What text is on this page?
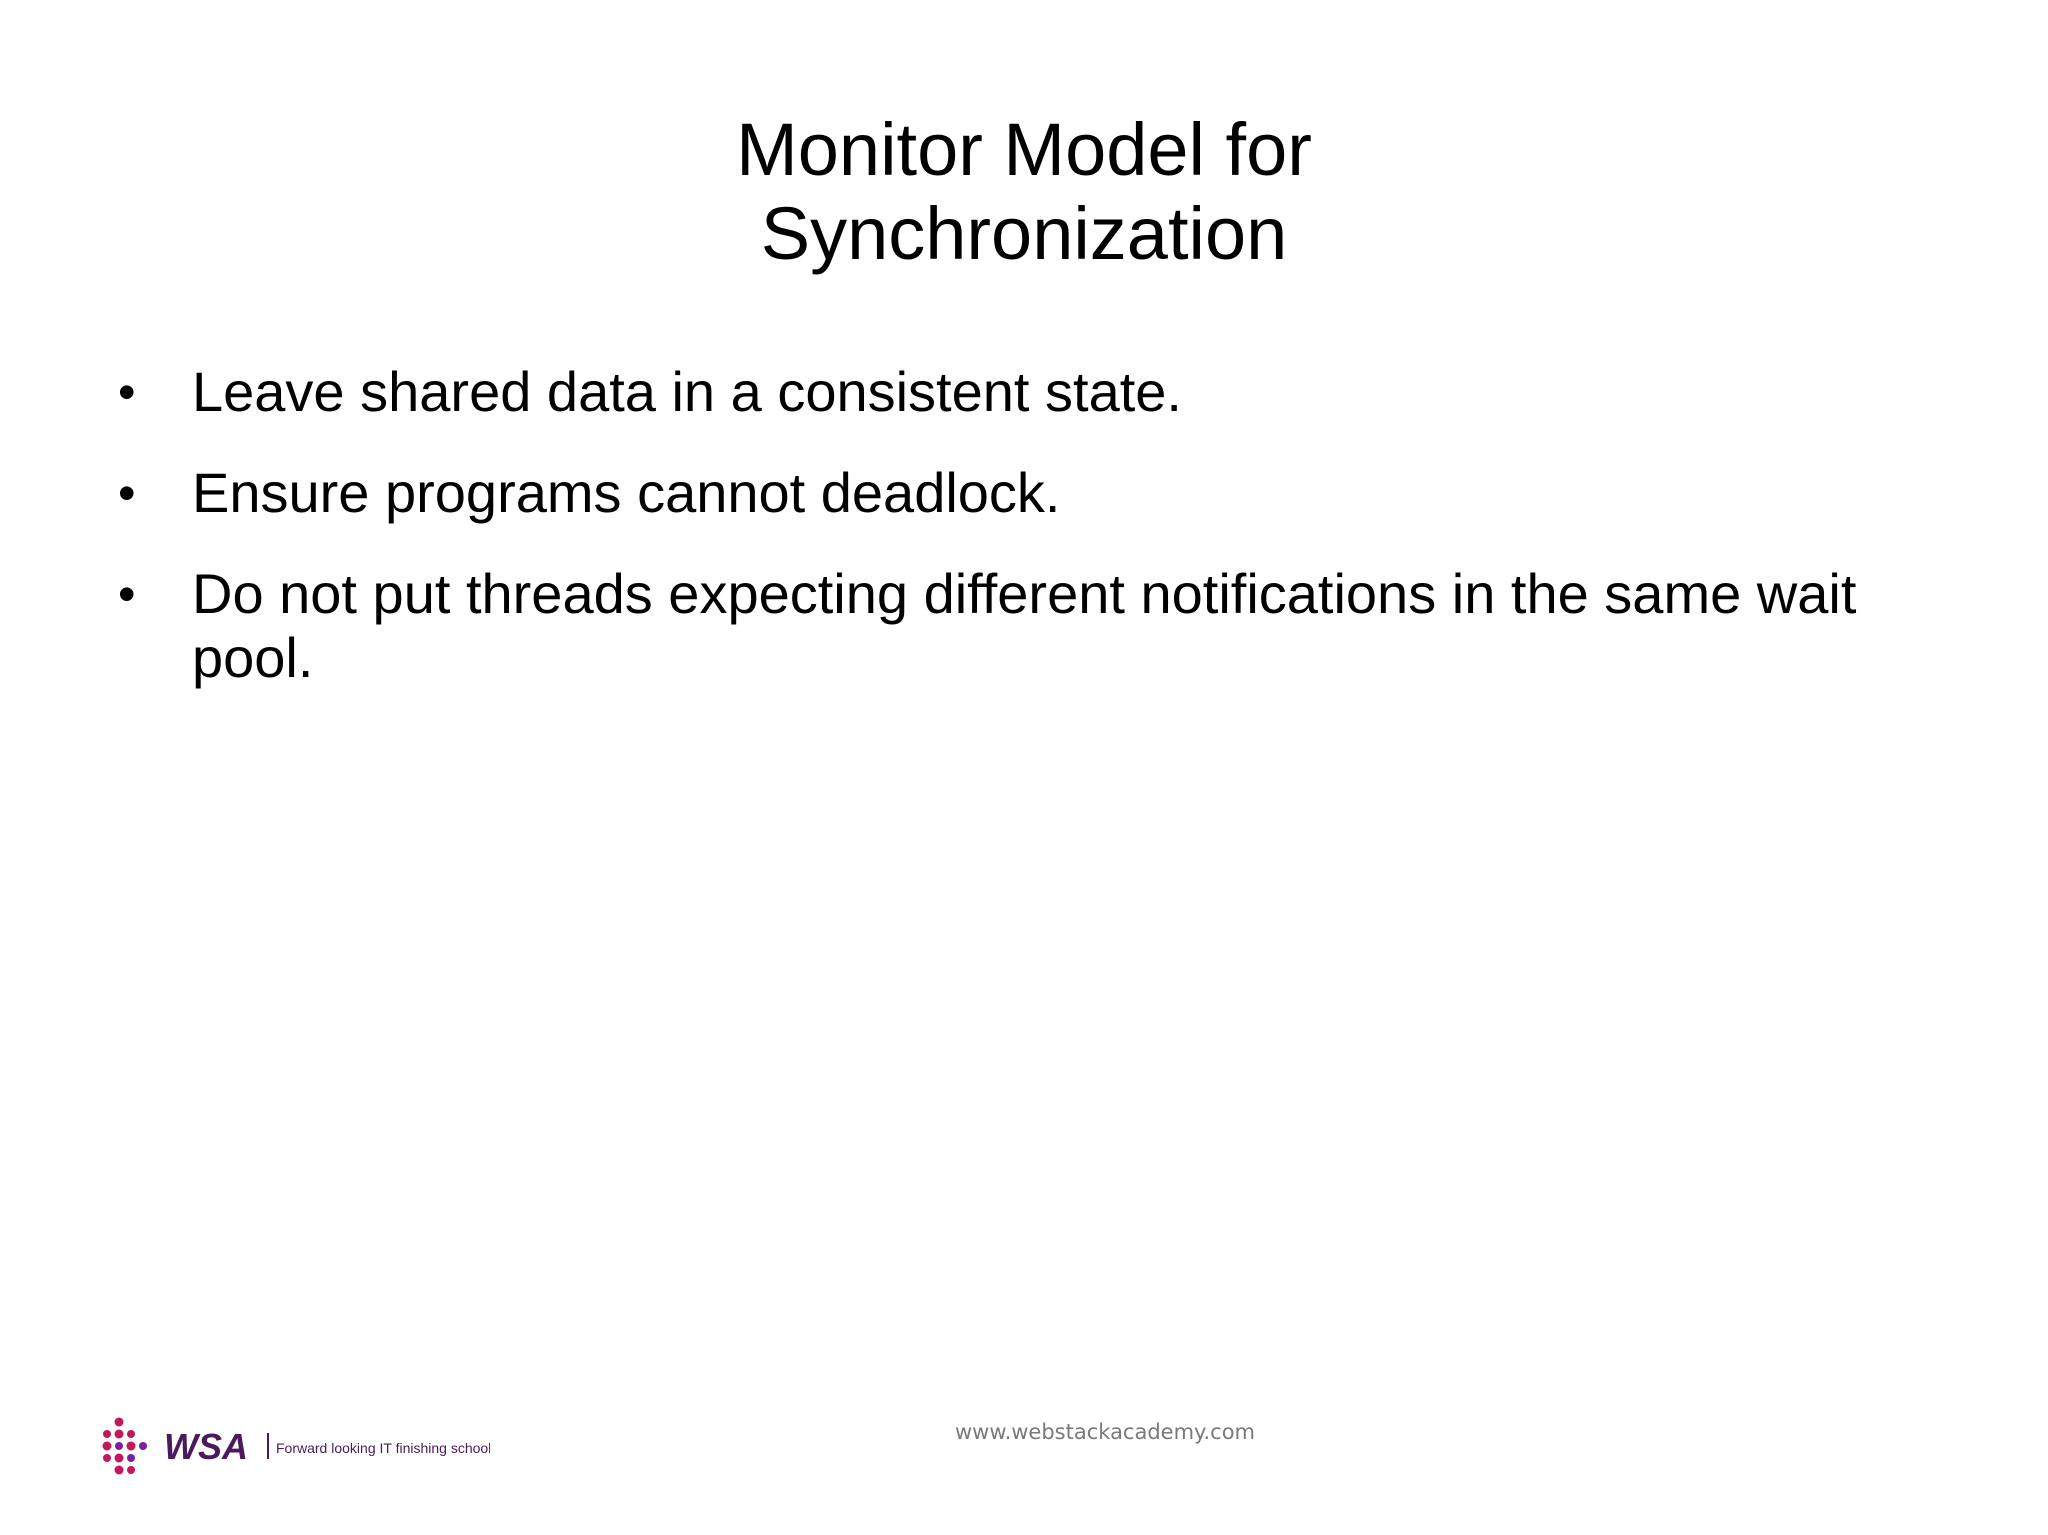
Monitor Model for
Synchronization
•	Leave shared data in a consistent state.
•	Ensure programs cannot deadlock.
•	Do not put threads expecting different notifications in the same wait pool.
WSA Forward looking IT finishing school
www.webstackacademy.com
